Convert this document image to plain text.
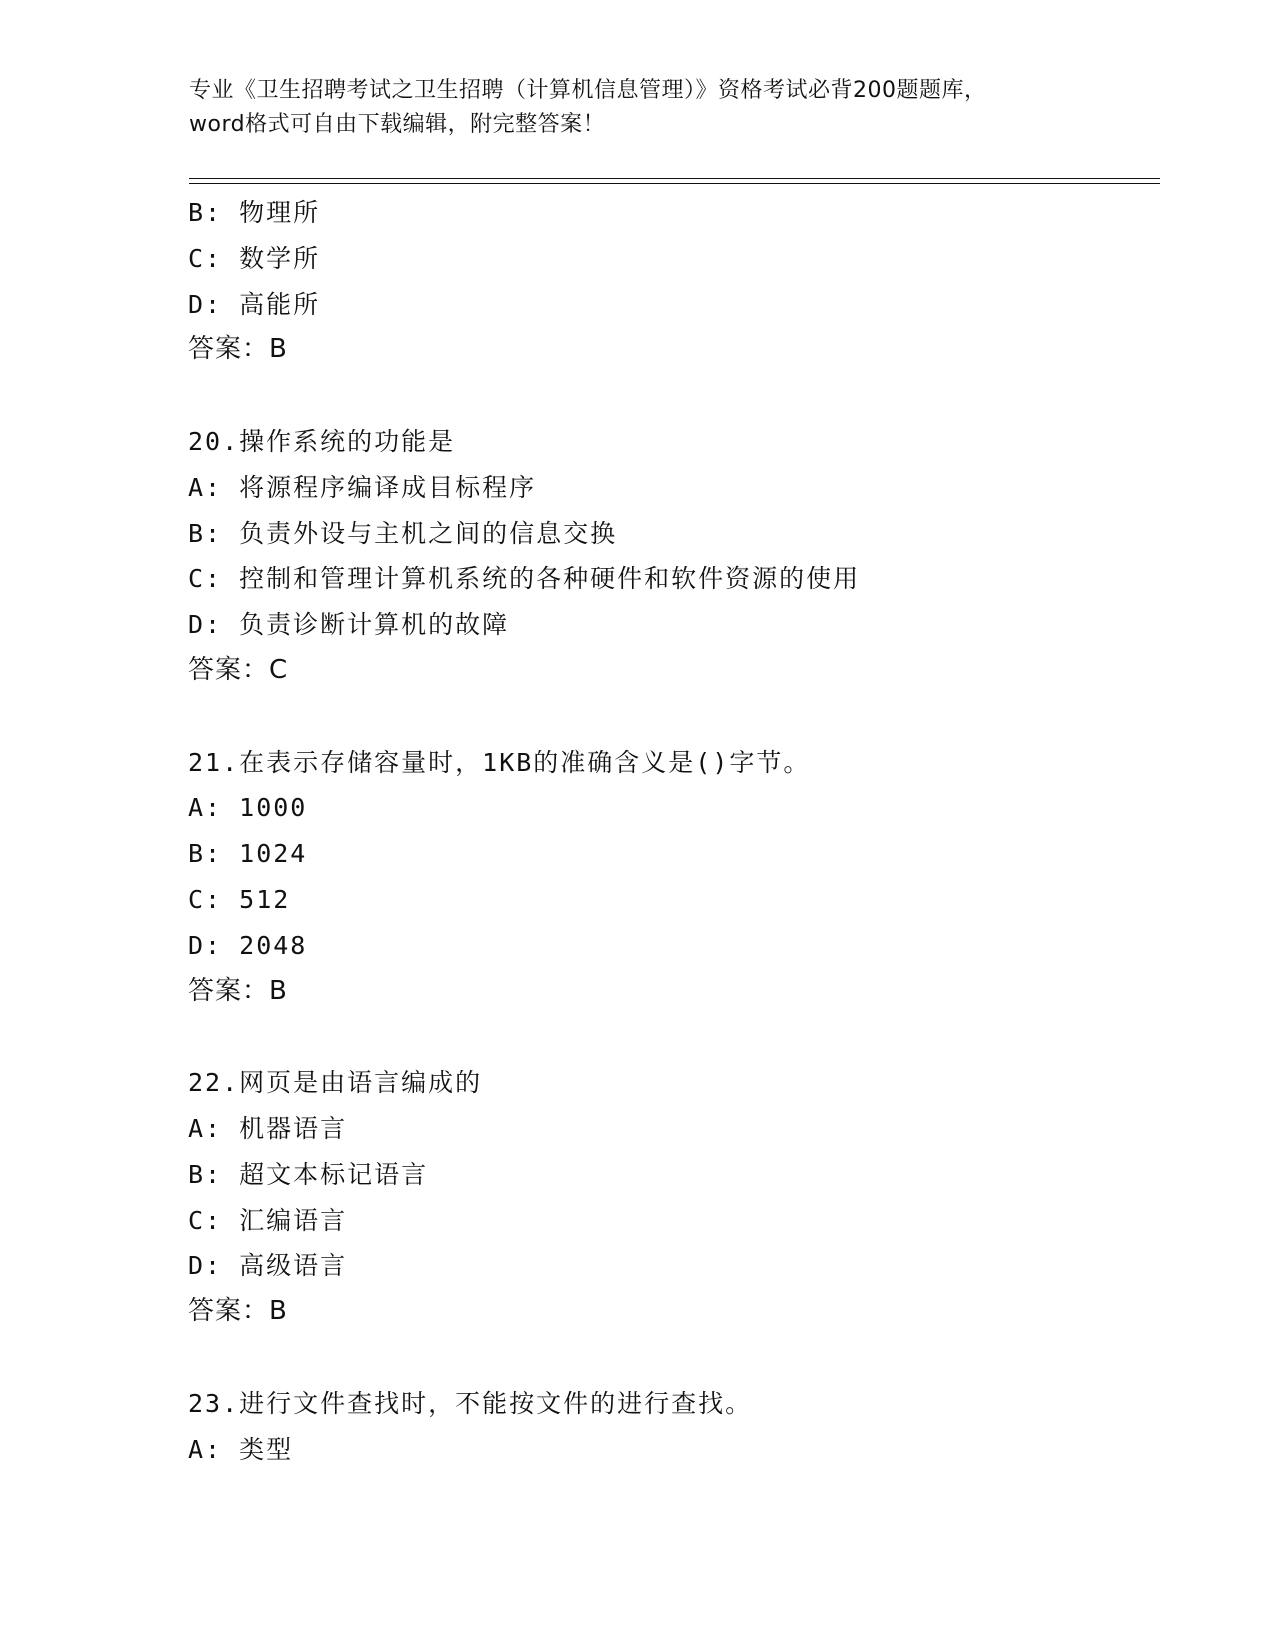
专业《卫生招聘考试之卫生招聘（计算机信息管理）》资格考试必背200题题库，
word格式可自由下载编辑，附完整答案！
B: 物理所
C: 数学所
D: 高能所
答案：B
20.操作系统的功能是
A: 将源程序编译成目标程序
B: 负责外设与主机之间的信息交换
C: 控制和管理计算机系统的各种硬件和软件资源的使用
D: 负责诊断计算机的故障
答案：C
21.在表示存储容量时，1KB的准确含义是()字节。
A: 1000
B: 1024
C: 512
D: 2048
答案：B
22.网页是由语言编成的
A: 机器语言
B: 超文本标记语言
C: 汇编语言
D: 高级语言
答案：B
23.进行文件查找时，不能按文件的进行查找。
A: 类型
